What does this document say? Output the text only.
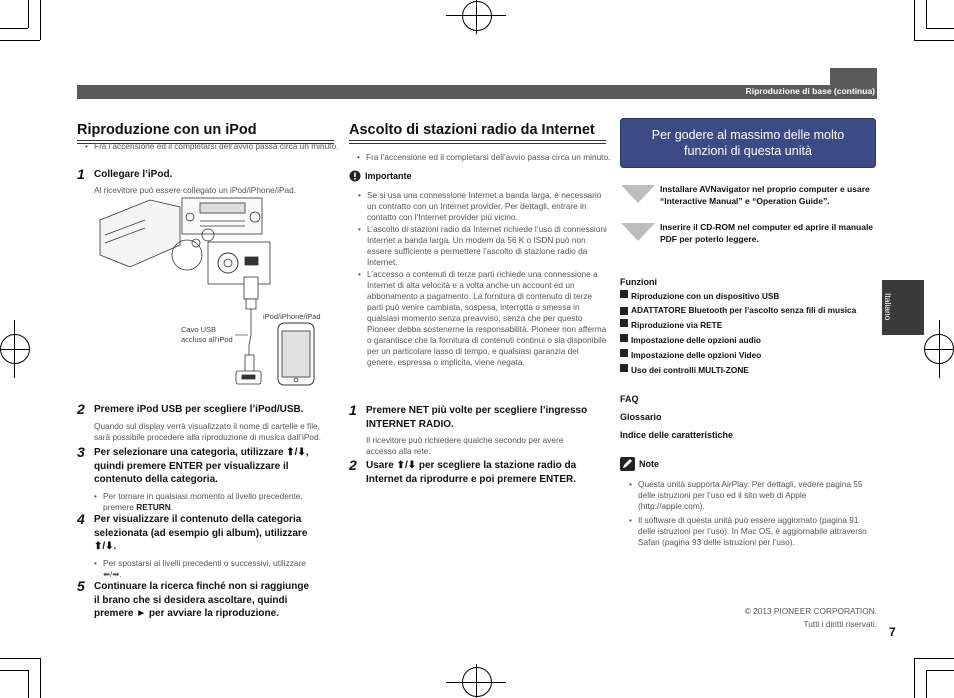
Riproduzione di base (continua)
Riproduzione con un iPod
• Fra l’accensione ed il completarsi dell’avvio passa circa un minuto.
1 Collegare l’iPod.
Al ricevitore può essere collegato un iPod/iPhone/iPad.
Cavo USB
accluso all’iPod
iPod/iPhone/iPad
2 Premere iPod USB per scegliere l’iPod/USB.
Quando sul display verrà visualizzato il nome di cartelle e file,
sarà possibile procedere alla riproduzione di musica dall’iPod.
3 Per selezionare una categoria, utilizzare ⬆/⬇,
quindi premere ENTER per visualizzare il
contenuto della categoria.
• Per tornare in qualsiasi momento al livello precedente,
premere RETURN.
4 Per visualizzare il contenuto della categoria
selezionata (ad esempio gli album), utilizzare
⬆/⬇.
• Per spostarsi ai livelli precedenti o successivi, utilizzare
⬅/➡.
5 Continuare la ricerca finché non si raggiunge
il brano che si desidera ascoltare, quindi
premere ► per avviare la riproduzione.
Ascolto di stazioni radio da Internet
• Fra l’accensione ed il completarsi dell’avvio passa circa un minuto.
Importante
• Se si usa una connessione Internet a banda larga, è necessario un contratto con un Internet provider. Per dettagli, entrare in contatto con l’Internet provider più vicino.
• L’ascolto di stazioni radio da Internet richiede l’uso di connessioni Internet a banda larga. Un modem da 56 K o ISDN può non essere sufficiente a permettere l’ascolto di stazione radio da Internet.
• L’accesso a contenuti di terze parti richiede una connessione a Internet di alta velocità e a volta anche un account ed un abbonamento a pagamento. La fornitura di contenuto di terze parti può venire cambiata, sospesa, interrotta o smessa in qualsiasi momento senza preavviso, senza che per questo Pioneer debba sostenerne la responsabilità. Pioneer non afferma o garantisce che la fornitura di contenuti continui o sia disponibile per un particolare lasso di tempo, e qualsiasi garanzia del genere, espressa o implicita, viene negata.
1 Premere NET più volte per scegliere l’ingresso
INTERNET RADIO.
Il ricevitore può richiedere qualche secondo per avere accesso alla rete.
2 Usare ⬆/⬇ per scegliere la stazione radio da
Internet da riprodurre e poi premere ENTER.
Per godere al massimo delle molto
funzioni di questa unità
Installare AVNavigator nel proprio computer e usare “Interactive Manual” e “Operation Guide”.
Inserire il CD-ROM nel computer ed aprire il manuale PDF per poterlo leggere.
Funzioni
Riproduzione con un dispositivo USB
ADATTATORE Bluetooth per l’ascolto senza fili di musica
Riproduzione via RETE
Impostazione delle opzioni audio
Impostazione delle opzioni Video
Uso dei controlli MULTI-ZONE
FAQ
Glossario
Indice delle caratteristiche
Note
• Questa unità supporta AirPlay. Per dettagli, vedere pagina 55 delle istruzioni per l’uso ed il sito web di Apple (http://apple.com).
• Il software di questa unità può essere aggiornato (pagina 91 delle istruzioni per l’uso). In Mac OS, è aggiornabile attraverso Safari (pagina 93 delle istruzioni per l’uso).
Italiano
© 2013 PIONEER CORPORATION.
Tutti i diritti riservati.
7
